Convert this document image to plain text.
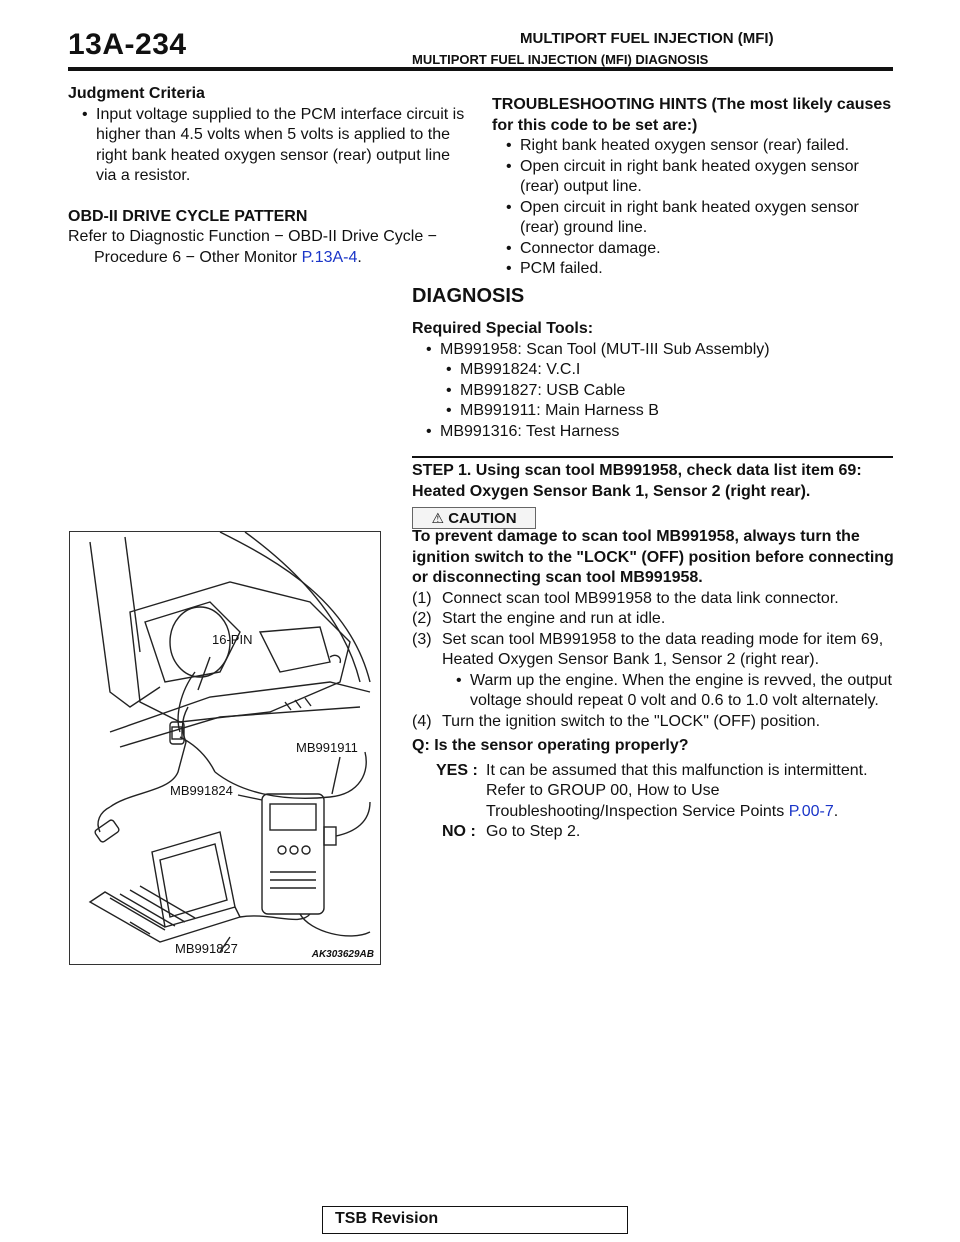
13A-234	MULTIPORT FUEL INJECTION (MFI)
MULTIPORT FUEL INJECTION (MFI) DIAGNOSIS
Judgment Criteria
• Input voltage supplied to the PCM interface circuit is higher than 4.5 volts when 5 volts is applied to the right bank heated oxygen sensor (rear) output line via a resistor.
OBD-II DRIVE CYCLE PATTERN
Refer to Diagnostic Function − OBD-II Drive Cycle − Procedure 6 − Other Monitor P.13A-4.
TROUBLESHOOTING HINTS (The most likely causes for this code to be set are:)
• Right bank heated oxygen sensor (rear) failed.
• Open circuit in right bank heated oxygen sensor (rear) output line.
• Open circuit in right bank heated oxygen sensor (rear) ground line.
• Connector damage.
• PCM failed.
DIAGNOSIS
Required Special Tools:
• MB991958: Scan Tool (MUT-III Sub Assembly)
• MB991824: V.C.I
• MB991827: USB Cable
• MB991911: Main Harness B
• MB991316: Test Harness
STEP 1. Using scan tool MB991958, check data list item 69: Heated Oxygen Sensor Bank 1, Sensor 2 (right rear).
⚠ CAUTION
To prevent damage to scan tool MB991958, always turn the ignition switch to the "LOCK" (OFF) position before connecting or disconnecting scan tool MB991958.
(1) Connect scan tool MB991958 to the data link connector.
(2) Start the engine and run at idle.
(3) Set scan tool MB991958 to the data reading mode for item 69, Heated Oxygen Sensor Bank 1, Sensor 2 (right rear).
• Warm up the engine. When the engine is revved, the output voltage should repeat 0 volt and 0.6 to 1.0 volt alternately.
(4) Turn the ignition switch to the "LOCK" (OFF) position.
Q: Is the sensor operating properly?
YES : It can be assumed that this malfunction is intermittent. Refer to GROUP 00, How to Use Troubleshooting/Inspection Service Points P.00-7.
NO : Go to Step 2.
16-PIN
MB991911
MB991824
MB991827	AK303629AB
TSB Revision
